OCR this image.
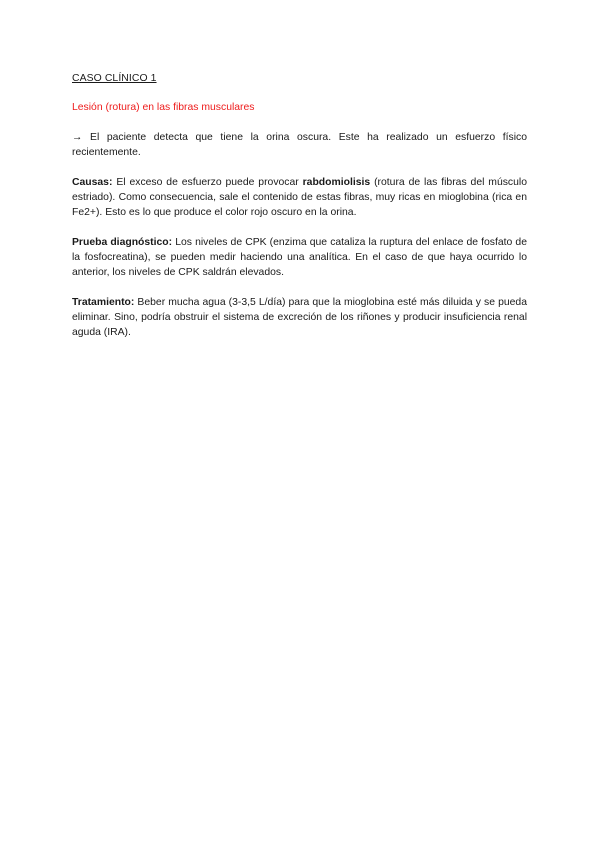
CASO CLÍNICO 1
Lesión (rotura) en las fibras musculares

→ El paciente detecta que tiene la orina oscura. Este ha realizado un esfuerzo físico recientemente.

Causas: El exceso de esfuerzo puede provocar rabdomiolisis (rotura de las fibras del músculo estriado). Como consecuencia, sale el contenido de estas fibras, muy ricas en mioglobina (rica en Fe2+). Esto es lo que produce el color rojo oscuro en la orina.

Prueba diagnóstico: Los niveles de CPK (enzima que cataliza la ruptura del enlace de fosfato de la fosfocreatina), se pueden medir haciendo una analítica. En el caso de que haya ocurrido lo anterior, los niveles de CPK saldrán elevados.

Tratamiento: Beber mucha agua (3-3,5 L/día) para que la mioglobina esté más diluida y se pueda eliminar. Sino, podría obstruir el sistema de excreción de los riñones y producir insuficiencia renal aguda (IRA).
